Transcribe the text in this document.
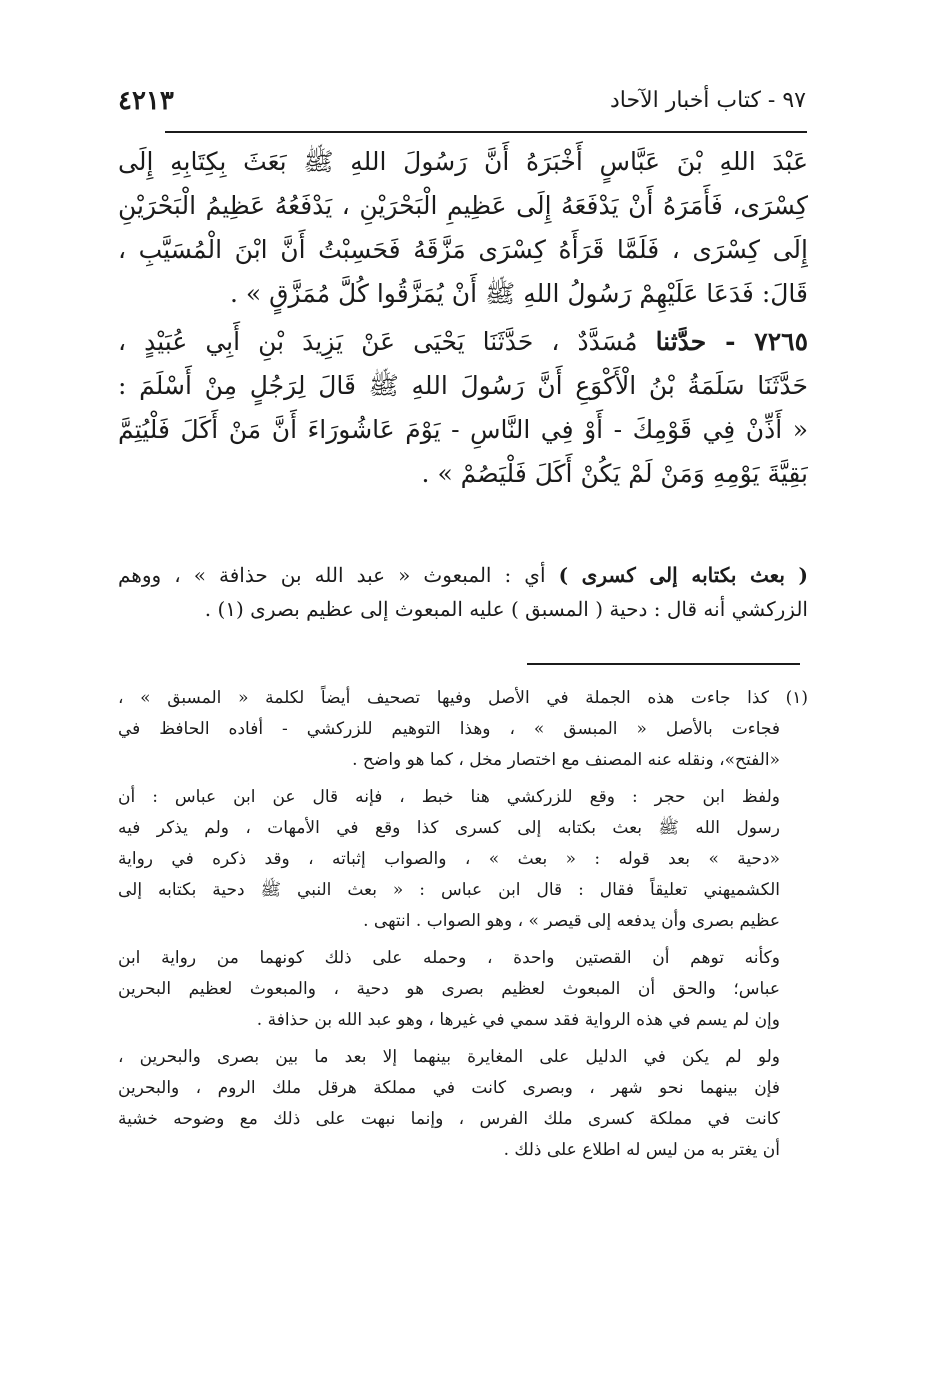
٩٧ - كتاب أخبار الآحاد
٤٢١٣
عَبْدَ اللهِ بْنَ عَبَّاسٍ أَخْبَرَهُ أَنَّ رَسُولَ اللهِ ﷺ بَعَثَ بِكِتَابِهِ إِلَى
كِسْرَى، فَأَمَرَهُ أَنْ يَدْفَعَهُ إِلَى عَظِيمِ الْبَحْرَيْنِ ، يَدْفَعُهُ عَظِيمُ الْبَحْرَيْنِ
إِلَى كِسْرَى ، فَلَمَّا قَرَأَهُ كِسْرَى مَزَّقَهُ فَحَسِبْتُ أَنَّ ابْنَ الْمُسَيَّبِ ،
قَالَ: فَدَعَا عَلَيْهِمْ رَسُولُ اللهِ ﷺ أَنْ يُمَزَّقُوا كُلَّ مُمَزَّقٍ » .
٧٢٦٥ - حدَّثنا مُسَدَّدٌ ، حَدَّثَنَا يَحْيَى عَنْ يَزِيدَ بْنِ أَبِي عُبَيْدٍ ،
حَدَّثَنَا سَلَمَةُ بْنُ الْأَكْوَعِ أَنَّ رَسُولَ اللهِ ﷺ قَالَ لِرَجُلٍ مِنْ أَسْلَمَ :
« أَذِّنْ فِي قَوْمِكَ - أَوْ فِي النَّاسِ - يَوْمَ عَاشُورَاءَ أَنَّ مَنْ أَكَلَ فَلْيُتِمَّ
بَقِيَّةَ يَوْمِهِ وَمَنْ لَمْ يَكُنْ أَكَلَ فَلْيَصُمْ » .
( بعث بكتابه إلى كسرى ) أي : المبعوث « عبد الله بن حذافة » ، ووهم
الزركشي أنه قال : دحية ( المسبق ) عليه المبعوث إلى عظيم بصرى (١) .
(١) كذا جاءت هذه الجملة في الأصل وفيها تصحيف أيضاً لكلمة « المسبق » ،
فجاءت بالأصل « المبسق » ، وهذا التوهيم للزركشي - أفاده الحافظ في
«الفتح»، ونقله عنه المصنف مع اختصار مخل ، كما هو واضح .
ولفظ ابن حجر : وقع للزركشي هنا خبط ، فإنه قال عن ابن عباس : أن
رسول الله ﷺ بعث بكتابه إلى كسرى كذا وقع في الأمهات ، ولم يذكر فيه
«دحية » بعد قوله : « بعث » ، والصواب إثباته ، وقد ذكره في رواية
الكشميهني تعليقاً فقال : قال ابن عباس : « بعث النبي ﷺ دحية بكتابه إلى
عظيم بصرى وأن يدفعه إلى قيصر » ، وهو الصواب . انتهى .
وكأنه توهم أن القصتين واحدة ، وحمله على ذلك كونهما من رواية ابن
عباس؛ والحق أن المبعوث لعظيم بصرى هو دحية ، والمبعوث لعظيم البحرين
وإن لم يسم في هذه الرواية فقد سمي في غيرها ، وهو عبد الله بن حذافة .
ولو لم يكن في الدليل على المغايرة بينهما إلا بعد ما بين بصرى والبحرين ،
فإن بينهما نحو شهر ، وبصرى كانت في مملكة هرقل ملك الروم ، والبحرين
كانت في مملكة كسرى ملك الفرس ، وإنما نبهت على ذلك مع وضوحه خشية
أن يغتر به من ليس له اطلاع على ذلك .
